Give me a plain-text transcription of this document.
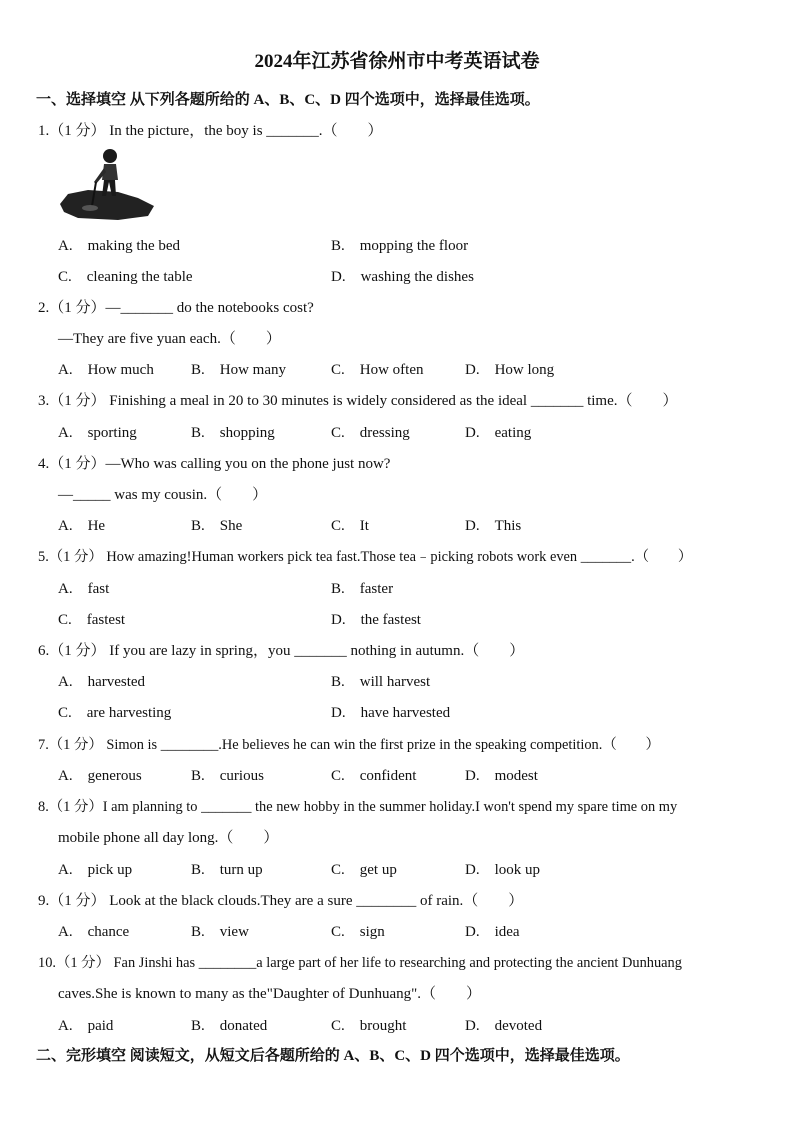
2024年江苏省徐州市中考英语试卷
一、选择填空 从下列各题所给的 A、B、C、D 四个选项中，选择最佳选项。
1.（1 分） In the picture，the boy is _______.（　　）
A.　making the bed	B.　mopping the floor
C.　cleaning the table	D.　washing the dishes
2.（1 分）—_______ do the notebooks cost?
—They are five yuan each.（　　）
A.　How much B.　How many	C.　How often	D.　How long
3.（1 分） Finishing a meal in 20 to 30 minutes is widely considered as the ideal _______ time.（　　）
A.　sporting	B.　shopping	C.　dressing	D.　eating
4.（1 分）—Who was calling you on the phone just now?
—_____ was my cousin.（　　）
A.　He	B.　She	C.　It	D.　This
5.（1 分） How amazing!Human workers pick tea fast.Those tea﹣picking robots work even _______.（　　）
A.　fast	B.　faster
C.　fastest	D.　the fastest
6.（1 分） If you are lazy in spring，you _______ nothing in autumn.（　　）
A.　harvested	B.　will harvest
C.　are harvesting	D.　have harvested
7.（1 分） Simon is ________.He believes he can win the first prize in the speaking competition.（　　）
A.　generous	B.　curious	C.　confident	D.　modest
8.（1 分）I am planning to _______ the new hobby in the summer holiday.I won't spend my spare time on my
mobile phone all day long.（　　）
A.　pick up	B.　turn up	C.　get up	D.　look up
9.（1 分） Look at the black clouds.They are a sure ________ of rain.（　　）
A.　chance	B.　view	C.　sign	D.　idea
10.（1 分） Fan Jinshi has ________a large part of her life to researching and protecting the ancient Dunhuang
caves.She is known to many as the"Daughter of Dunhuang".（　　）
A.　paid	B.　donated	C.　brought	D.　devoted
二、完形填空 阅读短文，从短文后各题所给的 A、B、C、D 四个选项中，选择最佳选项。
